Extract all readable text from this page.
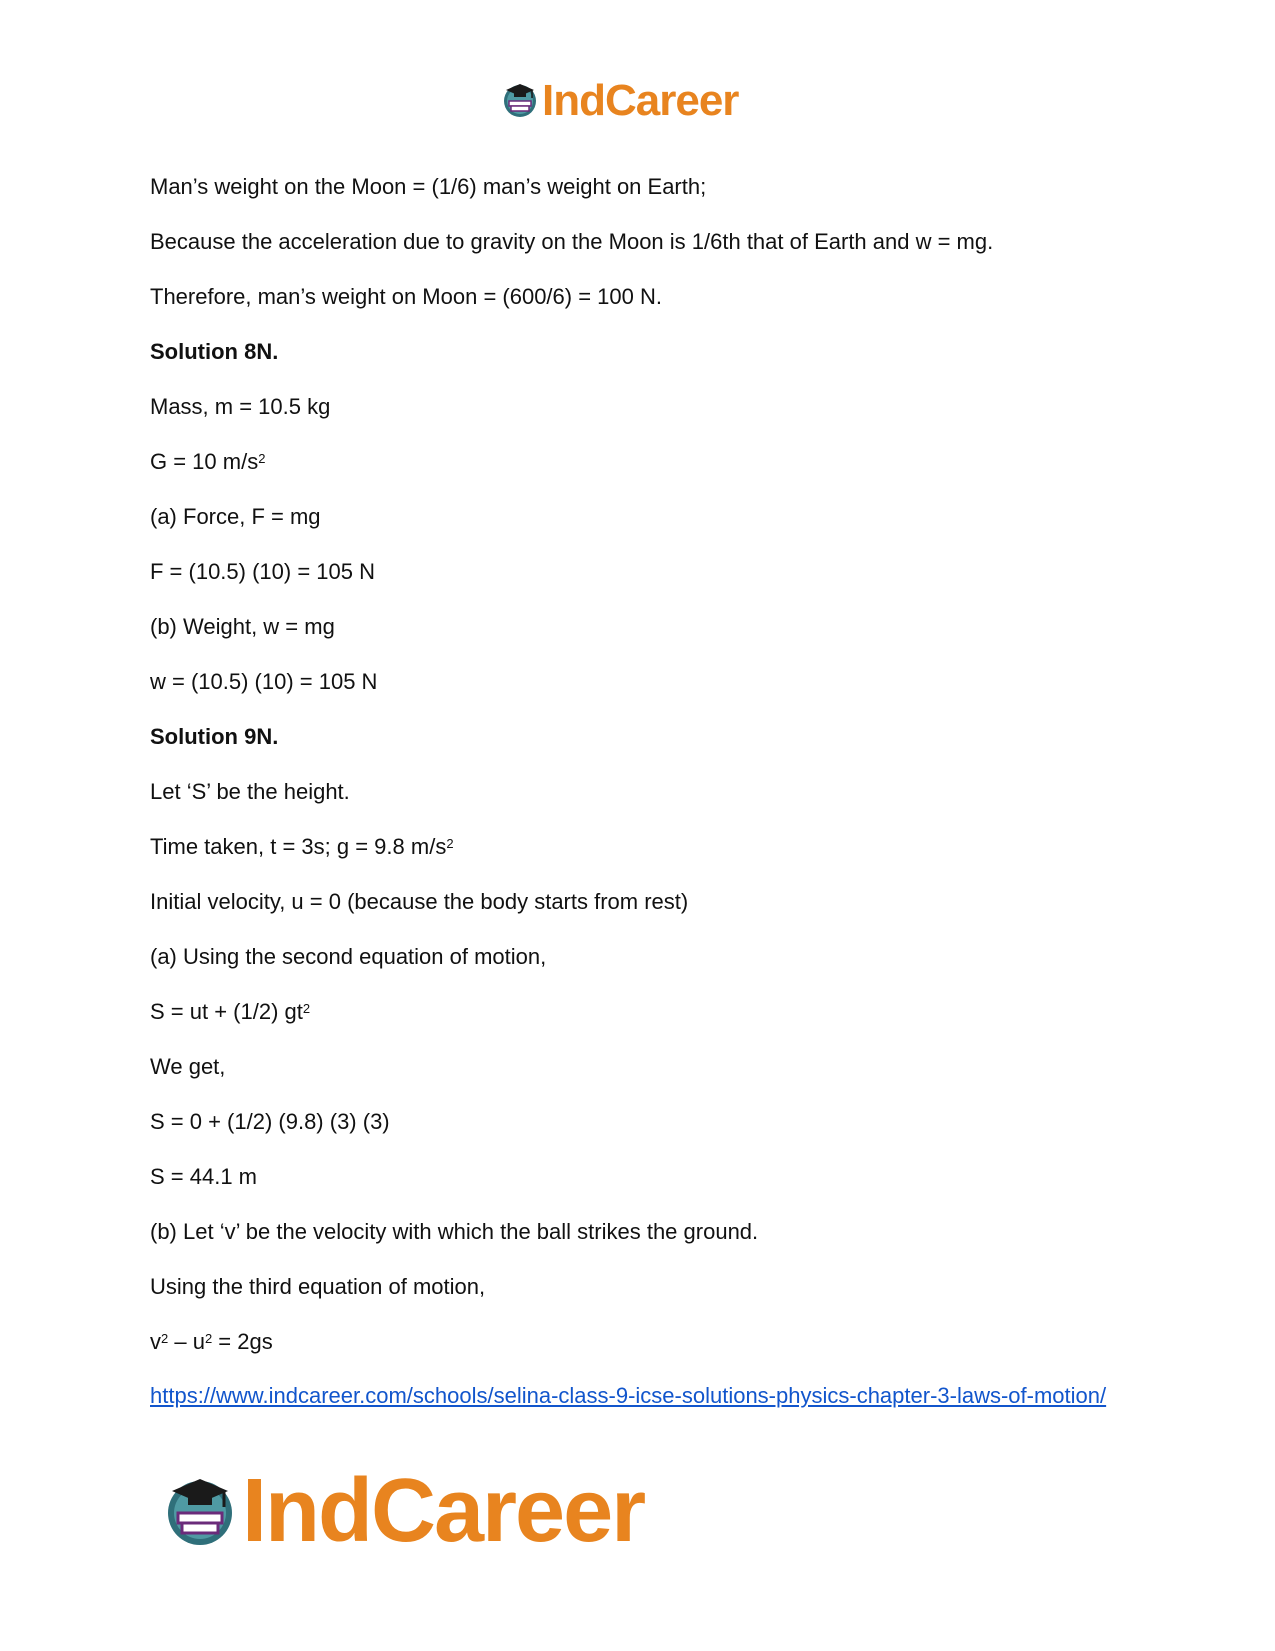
IndCareer
Man’s weight on the Moon = (1/6) man’s weight on Earth;
Because the acceleration due to gravity on the Moon is 1/6th that of Earth and w = mg.
Therefore, man’s weight on Moon = (600/6) = 100 N.
Solution 8N.
Mass, m = 10.5 kg
G = 10 $m/s^2$
(a) Force, F = mg
F = (10.5) (10) = 105 N
(b) Weight, w = mg
w = (10.5) (10) = 105 N
Solution 9N.
Let ‘S’ be the height.
Time taken, t = 3s; g = 9.8 $m/s^2$
Initial velocity, u = 0 (because the body starts from rest)
(a) Using the second equation of motion,
S = ut + (1/2) $gt^2$
We get,
S = 0 + (1/2) (9.8) (3) (3)
S = 44.1 m
(b) Let ‘v’ be the velocity with which the ball strikes the ground.
Using the third equation of motion,
$v^2 - u^2 = 2gs$
https://www.indcareer.com/schools/selina-class-9-icse-solutions-physics-chapter-3-laws-of-motion/
IndCareer
